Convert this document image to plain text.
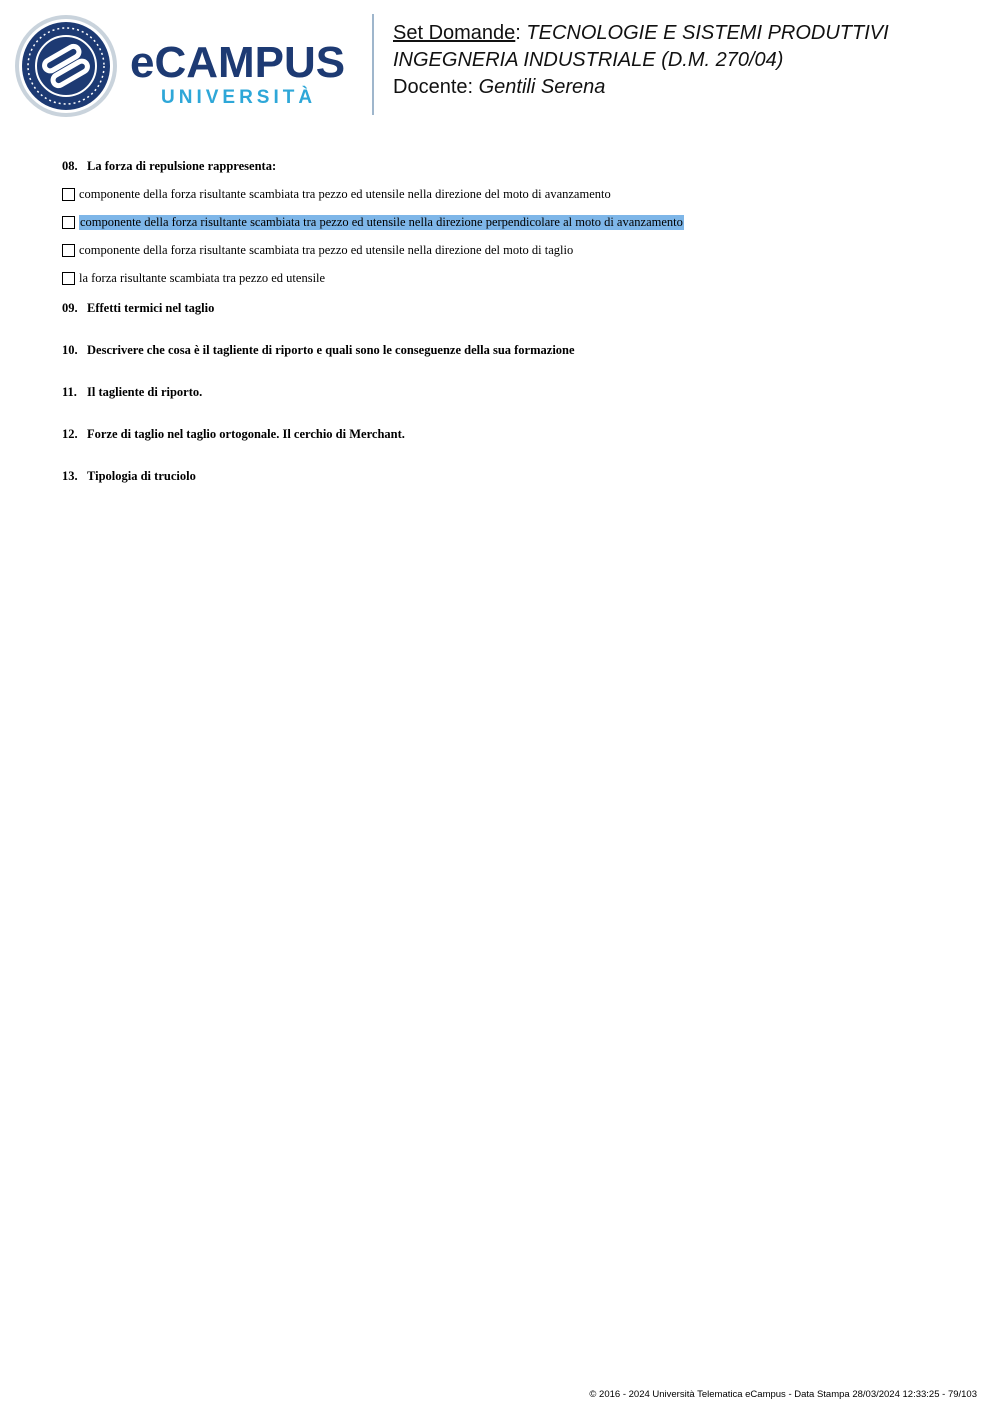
eCAMPUS
UNIVERSITÀ
Set Domande: TECNOLOGIE E SISTEMI PRODUTTIVI
INGEGNERIA INDUSTRIALE (D.M. 270/04)
Docente: Gentili Serena

08. La forza di repulsione rappresenta:

componente della forza risultante scambiata tra pezzo ed utensile nella direzione del moto di avanzamento
componente della forza risultante scambiata tra pezzo ed utensile nella direzione perpendicolare al moto di avanzamento
componente della forza risultante scambiata tra pezzo ed utensile nella direzione del moto di taglio
la forza risultante scambiata tra pezzo ed utensile

09. Effetti termici nel taglio

10. Descrivere che cosa è il tagliente di riporto e quali sono le conseguenze della sua formazione

11. Il tagliente di riporto.

12. Forze di taglio nel taglio ortogonale. Il cerchio di Merchant.

13. Tipologia di truciolo

© 2016 - 2024 Università Telematica eCampus - Data Stampa 28/03/2024 12:33:25 - 79/103
